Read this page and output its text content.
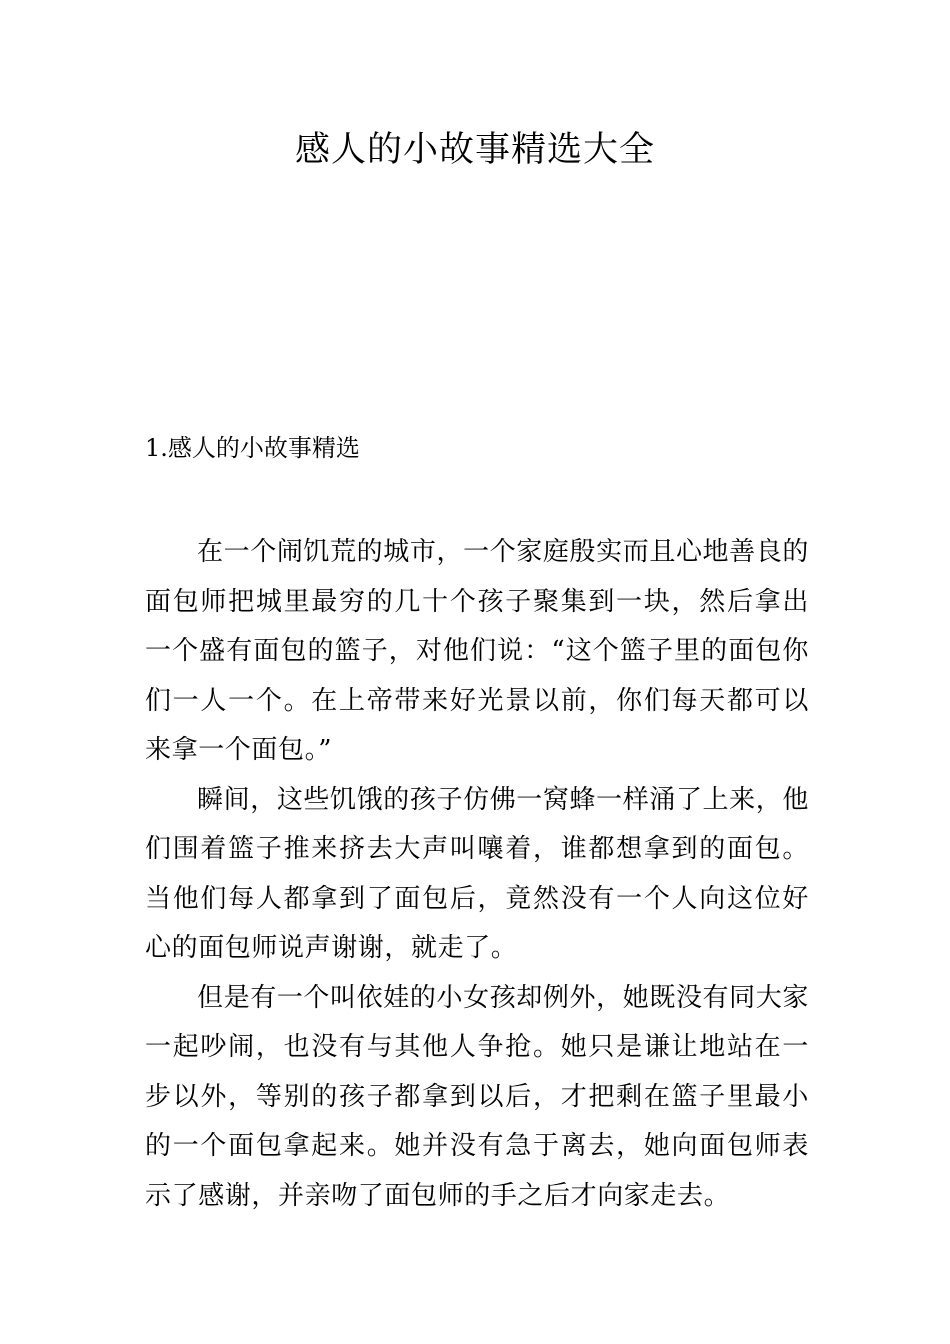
感人的小故事精选大全
1.感人的小故事精选

在一个闹饥荒的城市，一个家庭殷实而且心地善良的面包师把城里最穷的几十个孩子聚集到一块，然后拿出一个盛有面包的篮子，对他们说：“这个篮子里的面包你们一人一个。在上帝带来好光景以前，你们每天都可以来拿一个面包。”

瞬间，这些饥饿的孩子仿佛一窝蜂一样涌了上来，他们围着篮子推来挤去大声叫嚷着，谁都想拿到的面包。当他们每人都拿到了面包后，竟然没有一个人向这位好心的面包师说声谢谢，就走了。

但是有一个叫依娃的小女孩却例外，她既没有同大家一起吵闹，也没有与其他人争抢。她只是谦让地站在一步以外，等别的孩子都拿到以后，才把剩在篮子里最小的一个面包拿起来。她并没有急于离去，她向面包师表示了感谢，并亲吻了面包师的手之后才向家走去。
